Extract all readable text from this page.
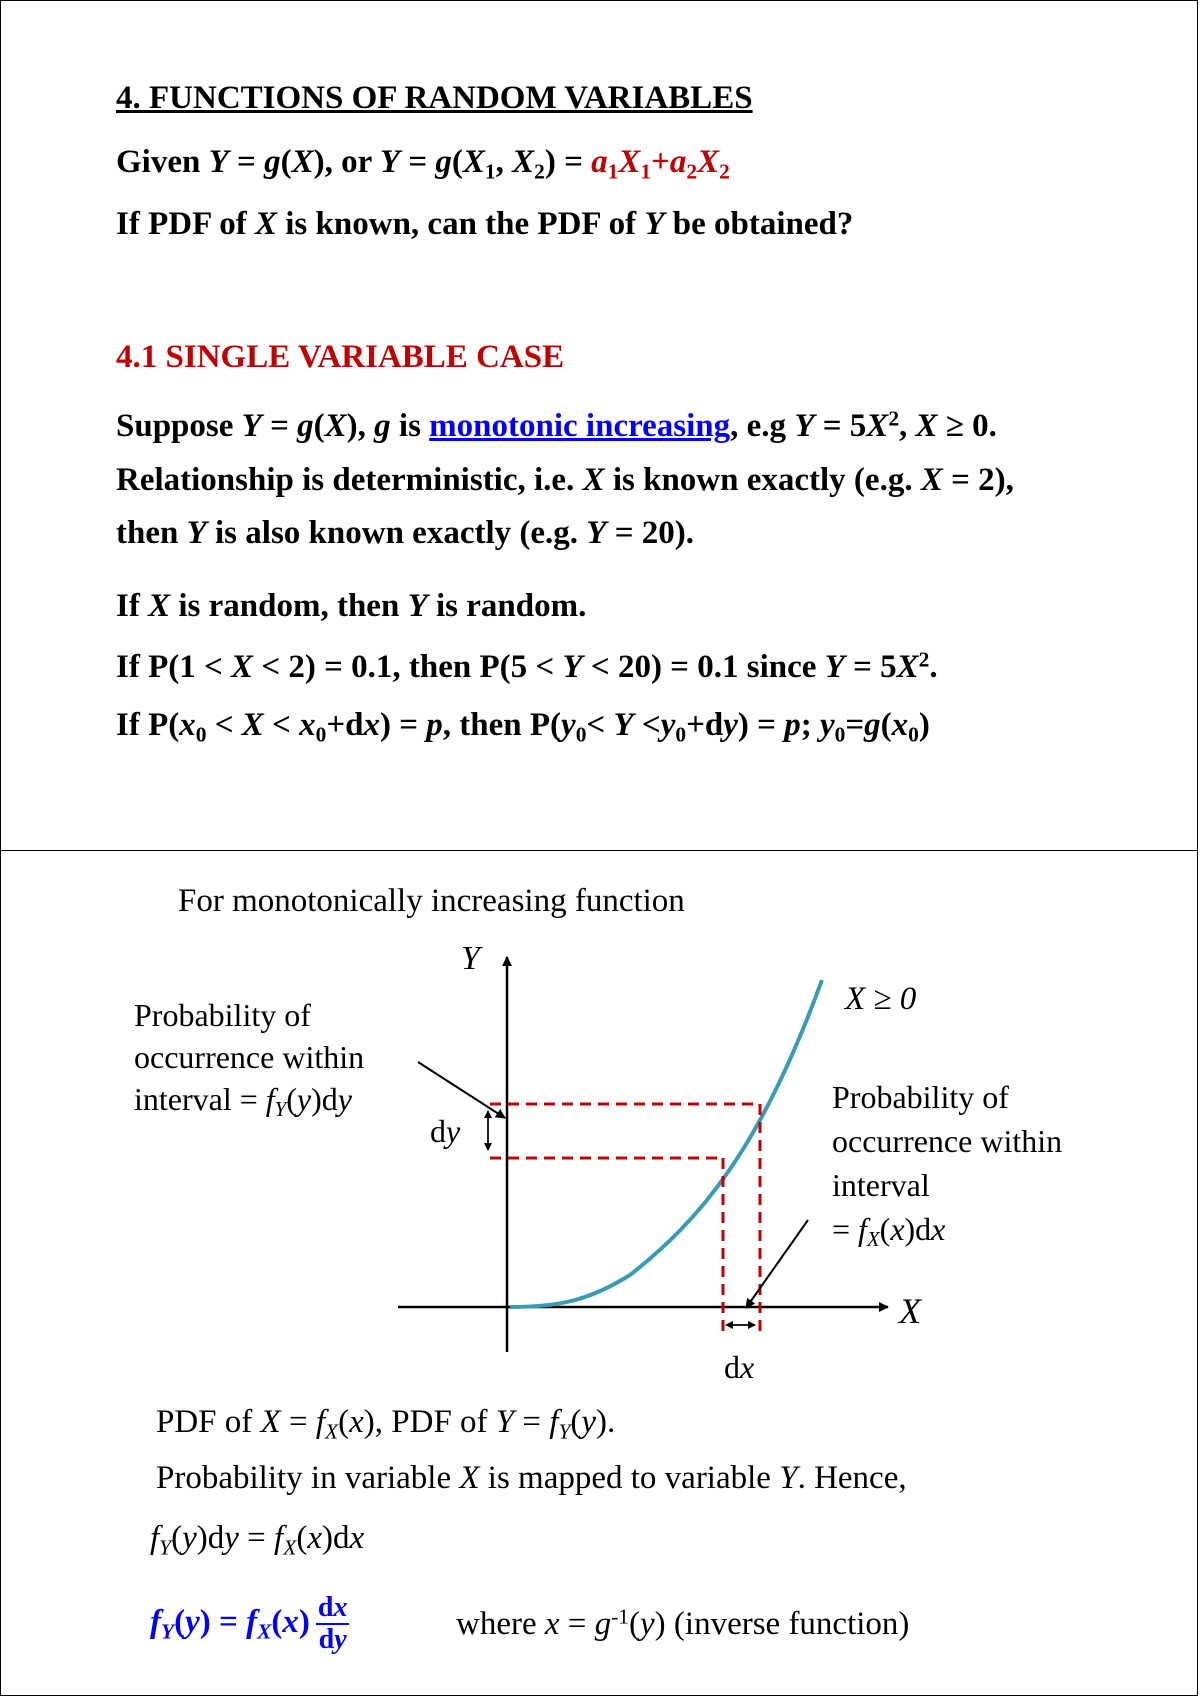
4. FUNCTIONS OF RANDOM VARIABLES
Given Y = g(X), or $Y = g(X_1$, $X_2) = a_1X_1+a_2X_2$
If PDF of X is known, can the PDF of Y be obtained?
4.1 SINGLE VARIABLE CASE
Suppose Y = g(X), g is monotonic increasing, e.g $Y = 5X^2$, X ≥ 0.
Relationship is deterministic, i.e. X is known exactly (e.g. X = 2),
then Y is also known exactly (e.g. Y = 20).
If X is random, then Y is random.
If P(1 < X < 2) = 0.1, then P(5 < Y < 20) = 0.1 since $Y = 5X^2$.
If $P(x_0 < X < x_0+dx) = p$, then $P(y_0< Y <y_0+dy) = p$; $y_0=g(x_0)$
For monotonically increasing function
Y
X
X ≥ 0
Probability of
occurrence within
interval = $f_Y(y)dy$	Probability of
occurrence within
interval
= $f_X(x)dx$
dy
dx
PDF of $X = f_X(x)$, PDF of $Y = f_Y(y)$.
Probability in variable X is mapped to variable Y. Hence,
$f_Y(y)dy = f_X(x)dx$
$f_Y(y) = f_X(x) \frac{dx}{dy}$	where $x = g^{-1}(y)$ (inverse function)
